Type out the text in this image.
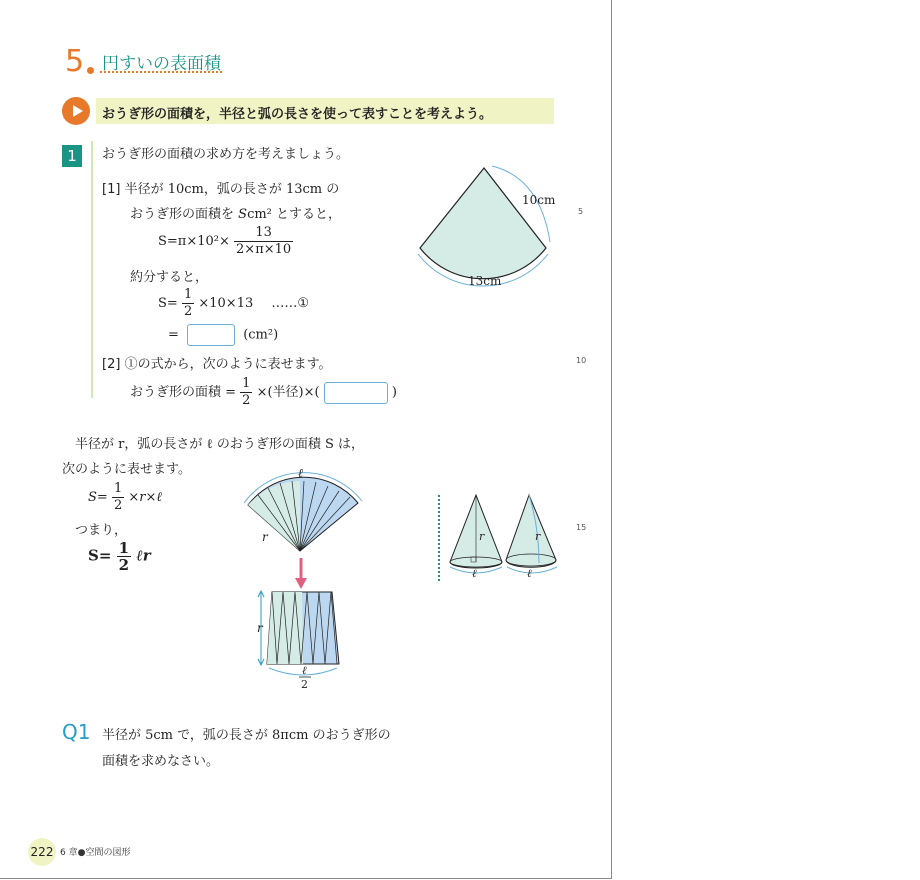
5 円すいの表面積
おうぎ形の面積を，半径と弧の長さを使って表すことを考えよう。
1	おうぎ形の面積の求め方を考えましょう。
[1] 半径が 10cm，弧の長さが 13cm の
おうぎ形の面積を Scm² とすると，
$S=\pi\times 10^2\times \frac{13}{2\times\pi\times 10}$
約分すると，
$S= \frac{1}{2} \times 10\times 13$ ……①
=	(cm²)
[2] ①の式から，次のように表せます。
おうぎ形の面積 = $\frac{1}{2}$ ×(半径)×(	)
10cm
13cm
5
10
15
半径が r，弧の長さが ℓ のおうぎ形の面積 S は，
次のように表せます。
$S= \frac{1}{2}$ ×r×ℓ
つまり，
$S= \frac{1}{2}$ ℓr
ℓ
r
r
ℓ
2
r
ℓ
r
ℓ
Q1 半径が 5cm で，弧の長さが 8πcm のおうぎ形の
面積を求めなさい。
222 6 章●空間の図形
